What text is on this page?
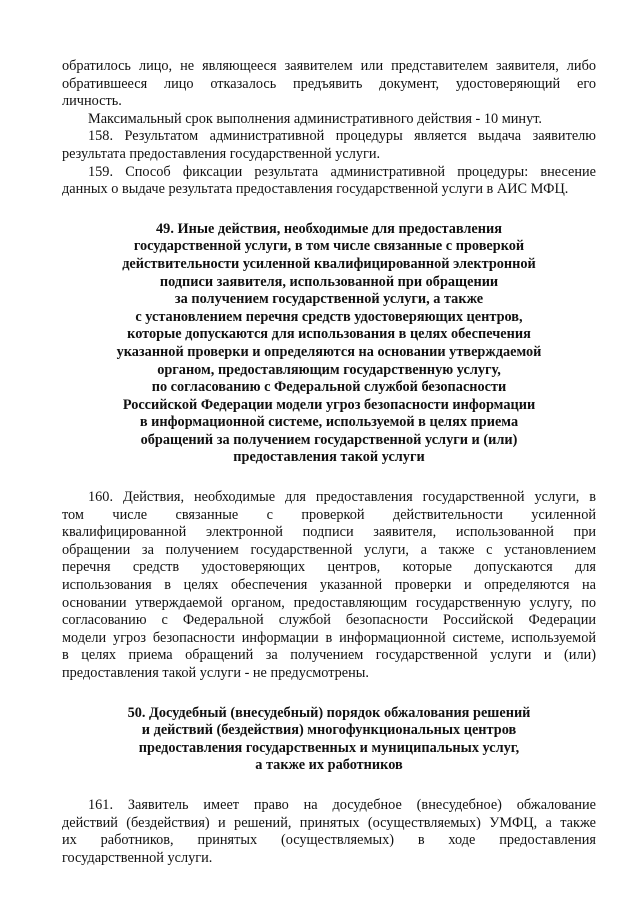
обратилось лицо, не являющееся заявителем или представителем заявителя, либо
обратившееся лицо отказалось предъявить документ, удостоверяющий его
личность.
Максимальный срок выполнения административного действия - 10 минут.
158. Результатом административной процедуры является выдача заявителю
результата предоставления государственной услуги.
159. Способ фиксации результата административной процедуры: внесение
данных о выдаче результата предоставления государственной услуги в АИС МФЦ.
49. Иные действия, необходимые для предоставления
государственной услуги, в том числе связанные с проверкой
действительности усиленной квалифицированной электронной
подписи заявителя, использованной при обращении
за получением государственной услуги, а также
с установлением перечня средств удостоверяющих центров,
которые допускаются для использования в целях обеспечения
указанной проверки и определяются на основании утверждаемой
органом, предоставляющим государственную услугу,
по согласованию с Федеральной службой безопасности
Российской Федерации модели угроз безопасности информации
в информационной системе, используемой в целях приема
обращений за получением государственной услуги и (или)
предоставления такой услуги
160. Действия, необходимые для предоставления государственной услуги, в
том числе связанные с проверкой действительности усиленной
квалифицированной электронной подписи заявителя, использованной при
обращении за получением государственной услуги, а также с установлением
перечня средств удостоверяющих центров, которые допускаются для
использования в целях обеспечения указанной проверки и определяются на
основании утверждаемой органом, предоставляющим государственную услугу, по
согласованию с Федеральной службой безопасности Российской Федерации
модели угроз безопасности информации в информационной системе, используемой
в целях приема обращений за получением государственной услуги и (или)
предоставления такой услуги - не предусмотрены.
50. Досудебный (внесудебный) порядок обжалования решений
и действий (бездействия) многофункциональных центров
предоставления государственных и муниципальных услуг,
а также их работников
161. Заявитель имеет право на досудебное (внесудебное) обжалование
действий (бездействия) и решений, принятых (осуществляемых) УМФЦ, а также
их работников, принятых (осуществляемых) в ходе предоставления
государственной услуги.
